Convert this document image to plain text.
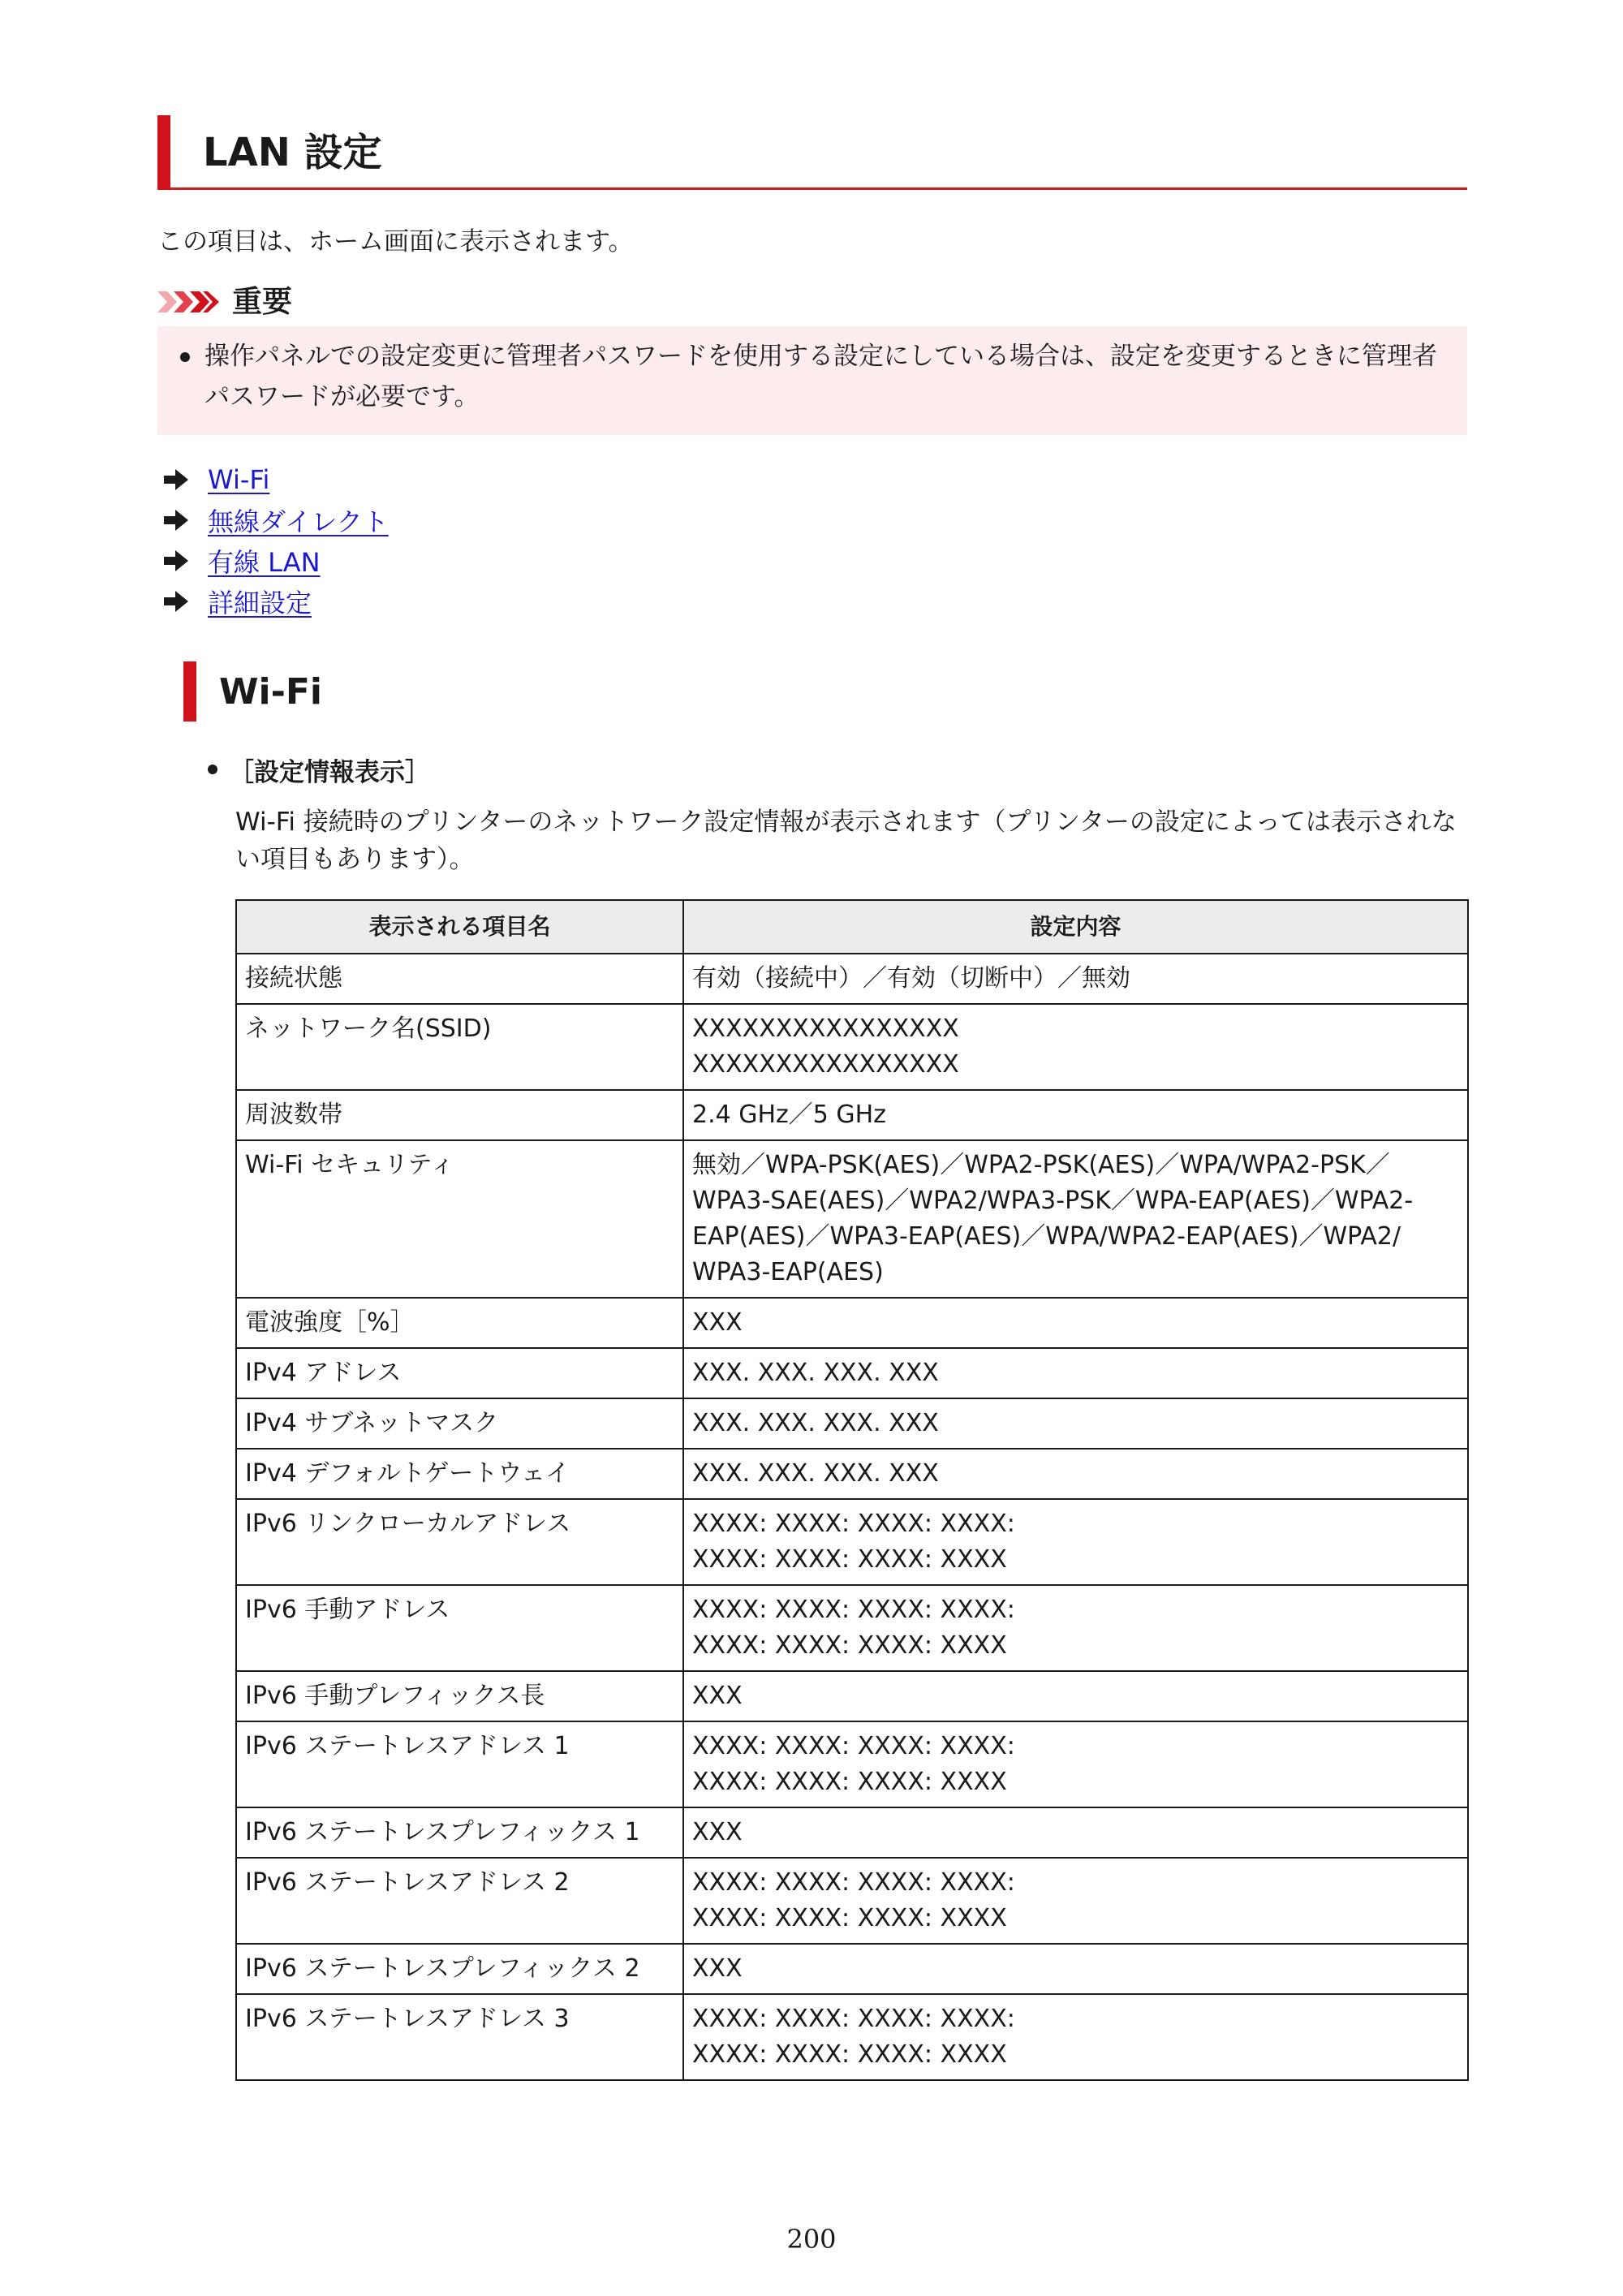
LAN 設定
この項目は、ホーム画面に表示されます。
重要
操作パネルでの設定変更に管理者パスワードを使用する設定にしている場合は、設定を変更するときに管理者パスワードが必要です。
Wi-Fi
無線ダイレクト
有線 LAN
詳細設定
Wi-Fi
［設定情報表示］
Wi-Fi 接続時のプリンターのネットワーク設定情報が表示されます（プリンターの設定によっては表示されない項目もあります）。
表示される項目名	設定内容
接続状態	有効（接続中）／有効（切断中）／無効

ネットワーク名(SSID)	XXXXXXXXXXXXXXXX
XXXXXXXXXXXXXXXX

周波数帯	2.4 GHz／5 GHz

Wi-Fi セキュリティ	無効／WPA-PSK(AES)／WPA2-PSK(AES)／WPA/WPA2-PSK／
WPA3-SAE(AES)／WPA2/WPA3-PSK／WPA-EAP(AES)／WPA2-
EAP(AES)／WPA3-EAP(AES)／WPA/WPA2-EAP(AES)／WPA2/
WPA3-EAP(AES)

電波強度［%］	XXX

IPv4 アドレス	XXX. XXX. XXX. XXX

IPv4 サブネットマスク	XXX. XXX. XXX. XXX

IPv4 デフォルトゲートウェイ	XXX. XXX. XXX. XXX

IPv6 リンクローカルアドレス	XXXX: XXXX: XXXX: XXXX:
XXXX: XXXX: XXXX: XXXX

IPv6 手動アドレス	XXXX: XXXX: XXXX: XXXX:
XXXX: XXXX: XXXX: XXXX

IPv6 手動プレフィックス長	XXX

IPv6 ステートレスアドレス 1	XXXX: XXXX: XXXX: XXXX:
XXXX: XXXX: XXXX: XXXX

IPv6 ステートレスプレフィックス 1	XXX

IPv6 ステートレスアドレス 2	XXXX: XXXX: XXXX: XXXX:
XXXX: XXXX: XXXX: XXXX

IPv6 ステートレスプレフィックス 2	XXX

IPv6 ステートレスアドレス 3	XXXX: XXXX: XXXX: XXXX:
XXXX: XXXX: XXXX: XXXX
200
